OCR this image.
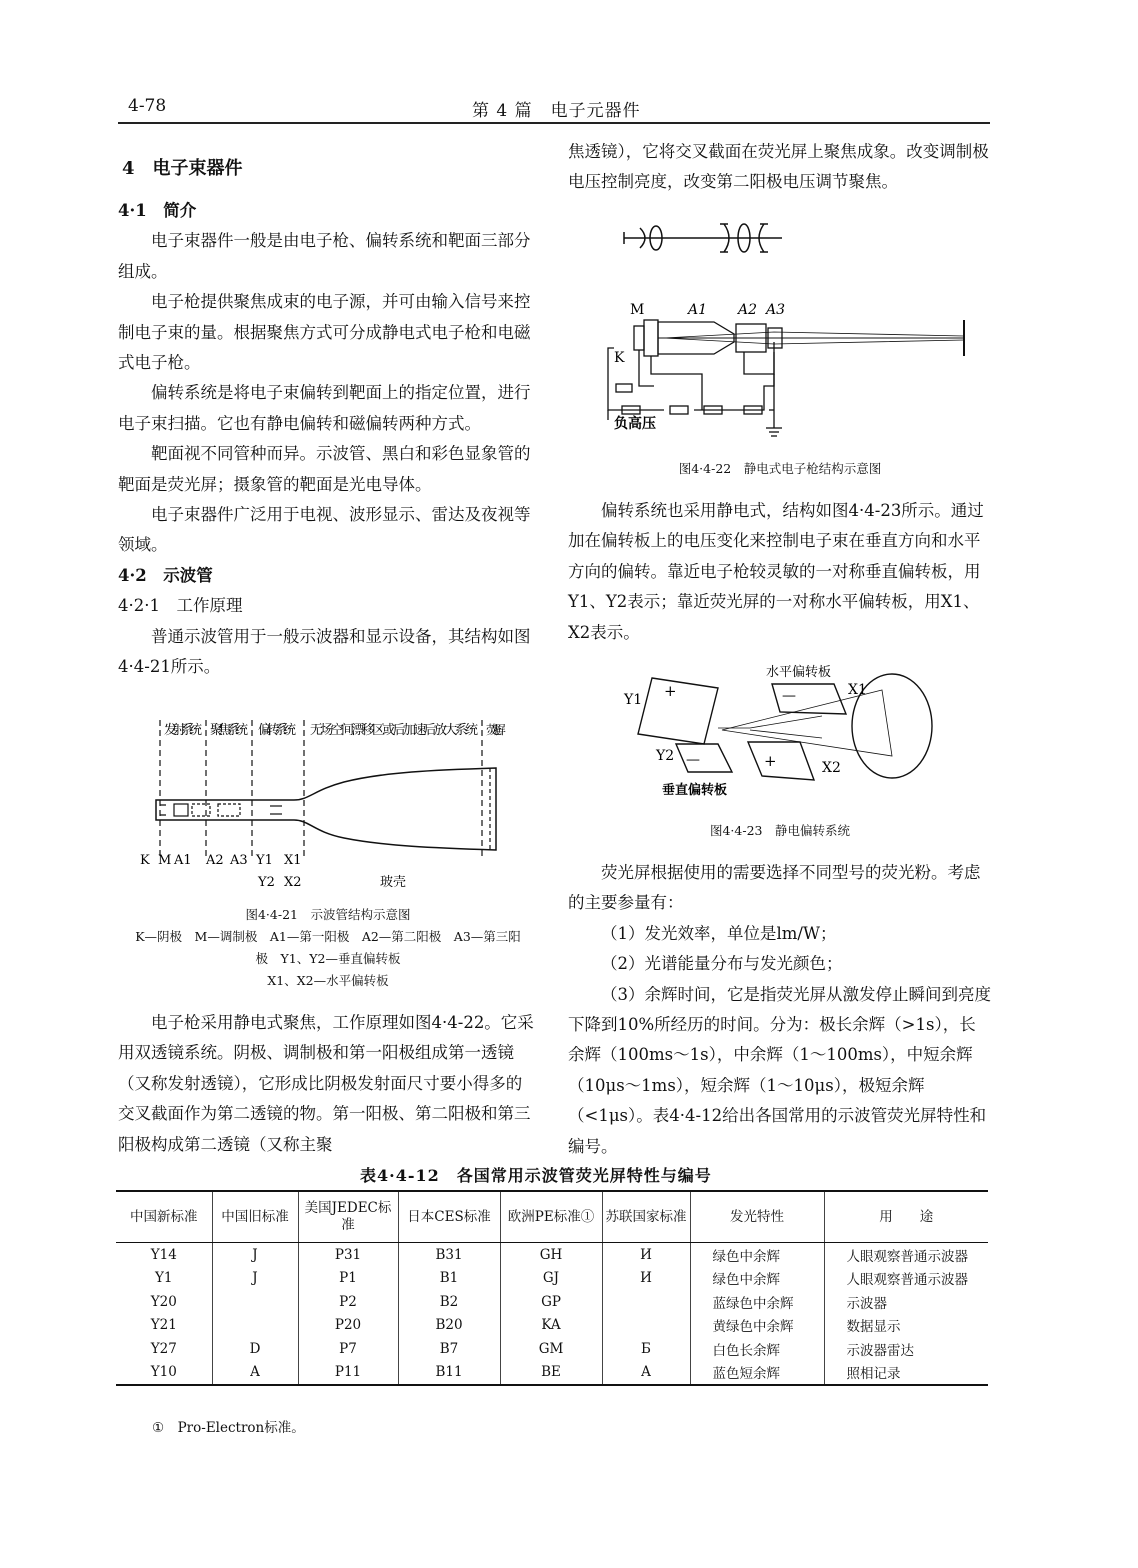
4-78	第 4 篇　电子元器件

4　电子束器件

4·1　简介

电子束器件一般是由电子枪、偏转系统和靶面三部分组成。

电子枪提供聚焦成束的电子源，并可由输入信号来控制电子束的量。根据聚焦方式可分成静电式电子枪和电磁式电子枪。

偏转系统是将电子束偏转到靶面上的指定位置，进行电子束扫描。它也有静电偏转和磁偏转两种方式。

靶面视不同管种而异。示波管、黑白和彩色显象管的靶面是荧光屏；摄象管的靶面是光电导体。

电子束器件广泛用于电视、波形显示、雷达及夜视等领域。

4·2　示波管

4·2·1　工作原理

普通示波管用于一般示波器和显示设备，其结构如图4·4-21所示。

发射系统 聚焦系统 偏转系统 无场空间漂移区或后加速后放大系统 荧光屏
K M A1 A2 A3 Y1 X1
Y2 X2	玻壳
图4·4-21　示波管结构示意图
K—阴极　M—调制极　A1—第一阳极　A2—第二阳极　A3—第三阳极　Y1、Y2—垂直偏转板
X1、X2—水平偏转板

电子枪采用静电式聚焦，工作原理如图4·4-22。它采用双透镜系统。阴极、调制极和第一阳极组成第一透镜（又称发射透镜），它形成比阴极发射面尺寸要小得多的交叉截面作为第二透镜的物。第一阳极、第二阳极和第三阳极构成第二透镜（又称主聚

焦透镜），它将交叉截面在荧光屏上聚焦成象。改变调制极电压控制亮度，改变第二阳极电压调节聚焦。

M	A1 A2 A3
K
负高压
图4·4-22　静电式电子枪结构示意图

偏转系统也采用静电式，结构如图4·4-23所示。通过加在偏转板上的电压变化来控制电子束在垂直方向和水平方向的偏转。靠近电子枪较灵敏的一对称垂直偏转板，用Y1、Y2表示；靠近荧光屏的一对称水平偏转板，用X1、X2表示。

水平偏转板
+
—
—
+
Y1
Y2
X1
X2
垂直偏转板
图4·4-23　静电偏转系统

荧光屏根据使用的需要选择不同型号的荧光粉。考虑的主要参量有：

（1）发光效率，单位是lm/W；

（2）光谱能量分布与发光颜色；

（3）余辉时间，它是指荧光屏从激发停止瞬间到亮度下降到10%所经历的时间。分为：极长余辉（>1s），长余辉（100ms～1s），中余辉（1～100ms），中短余辉（10μs～1ms），短余辉（1～10μs），极短余辉（<1μs）。表4·4-12给出各国常用的示波管荧光屏特性和编号。

表4·4-12　各国常用示波管荧光屏特性与编号
中国新标准	中国旧标准	美国JEDEC标准	日本CES标准	欧洲PE标准①	苏联国家标准	发光特性	用　　途
Y14	J	P31	B31	GH	И	绿色中余辉	人眼观察普通示波器
Y1	J	P1	B1	GJ	И	绿色中余辉	人眼观察普通示波器
Y20		P2	B2	GP		蓝绿色中余辉	示波器
Y21		P20	B20	KA		黄绿色中余辉	数据显示
Y27	D	P7	B7	GM	Б	白色长余辉	示波器雷达
Y10	A	P11	B11	BE	A	蓝色短余辉	照相记录
①　Pro-Electron标准。
